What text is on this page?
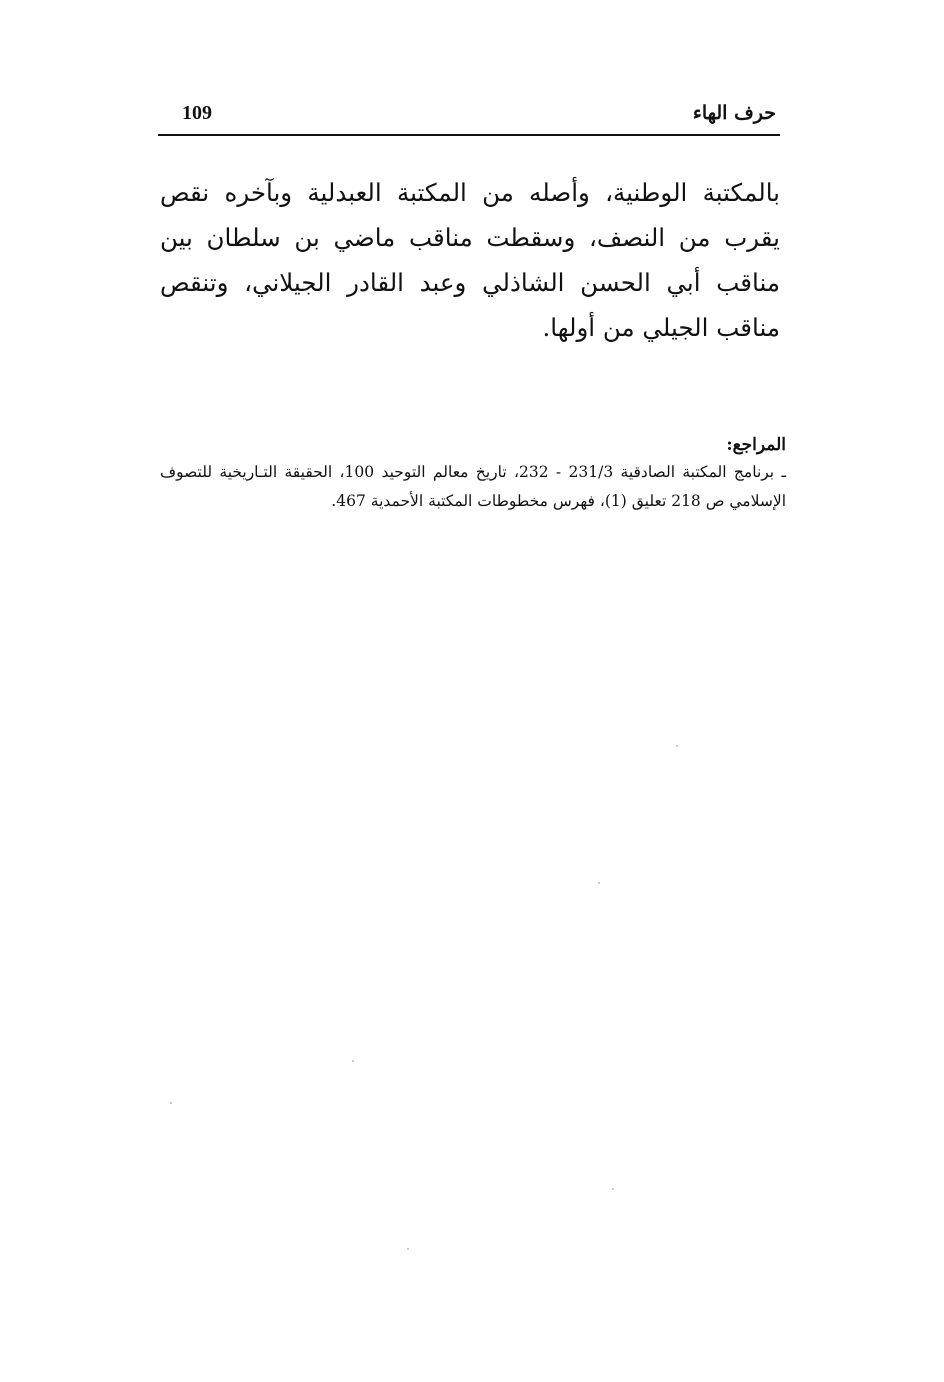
109	حرف الهاء

بالمكتبة الوطنية، وأصله من المكتبة العبدلية وبآخره نقص يقرب من النصف، وسقطت مناقب ماضي بن سلطان بين مناقب أبي الحسن الشاذلي وعبد القادر الجيلاني، وتنقص مناقب الجيلي من أولها.

المراجع:

ـ برنامج المكتبة الصادقية 231/3 - 232، تاريخ معالم التوحيد 100، الحقيقة التـاريخية للتصوف الإسلامي ص 218 تعليق (1)، فهرس مخطوطات المكتبة الأحمدية 467.
